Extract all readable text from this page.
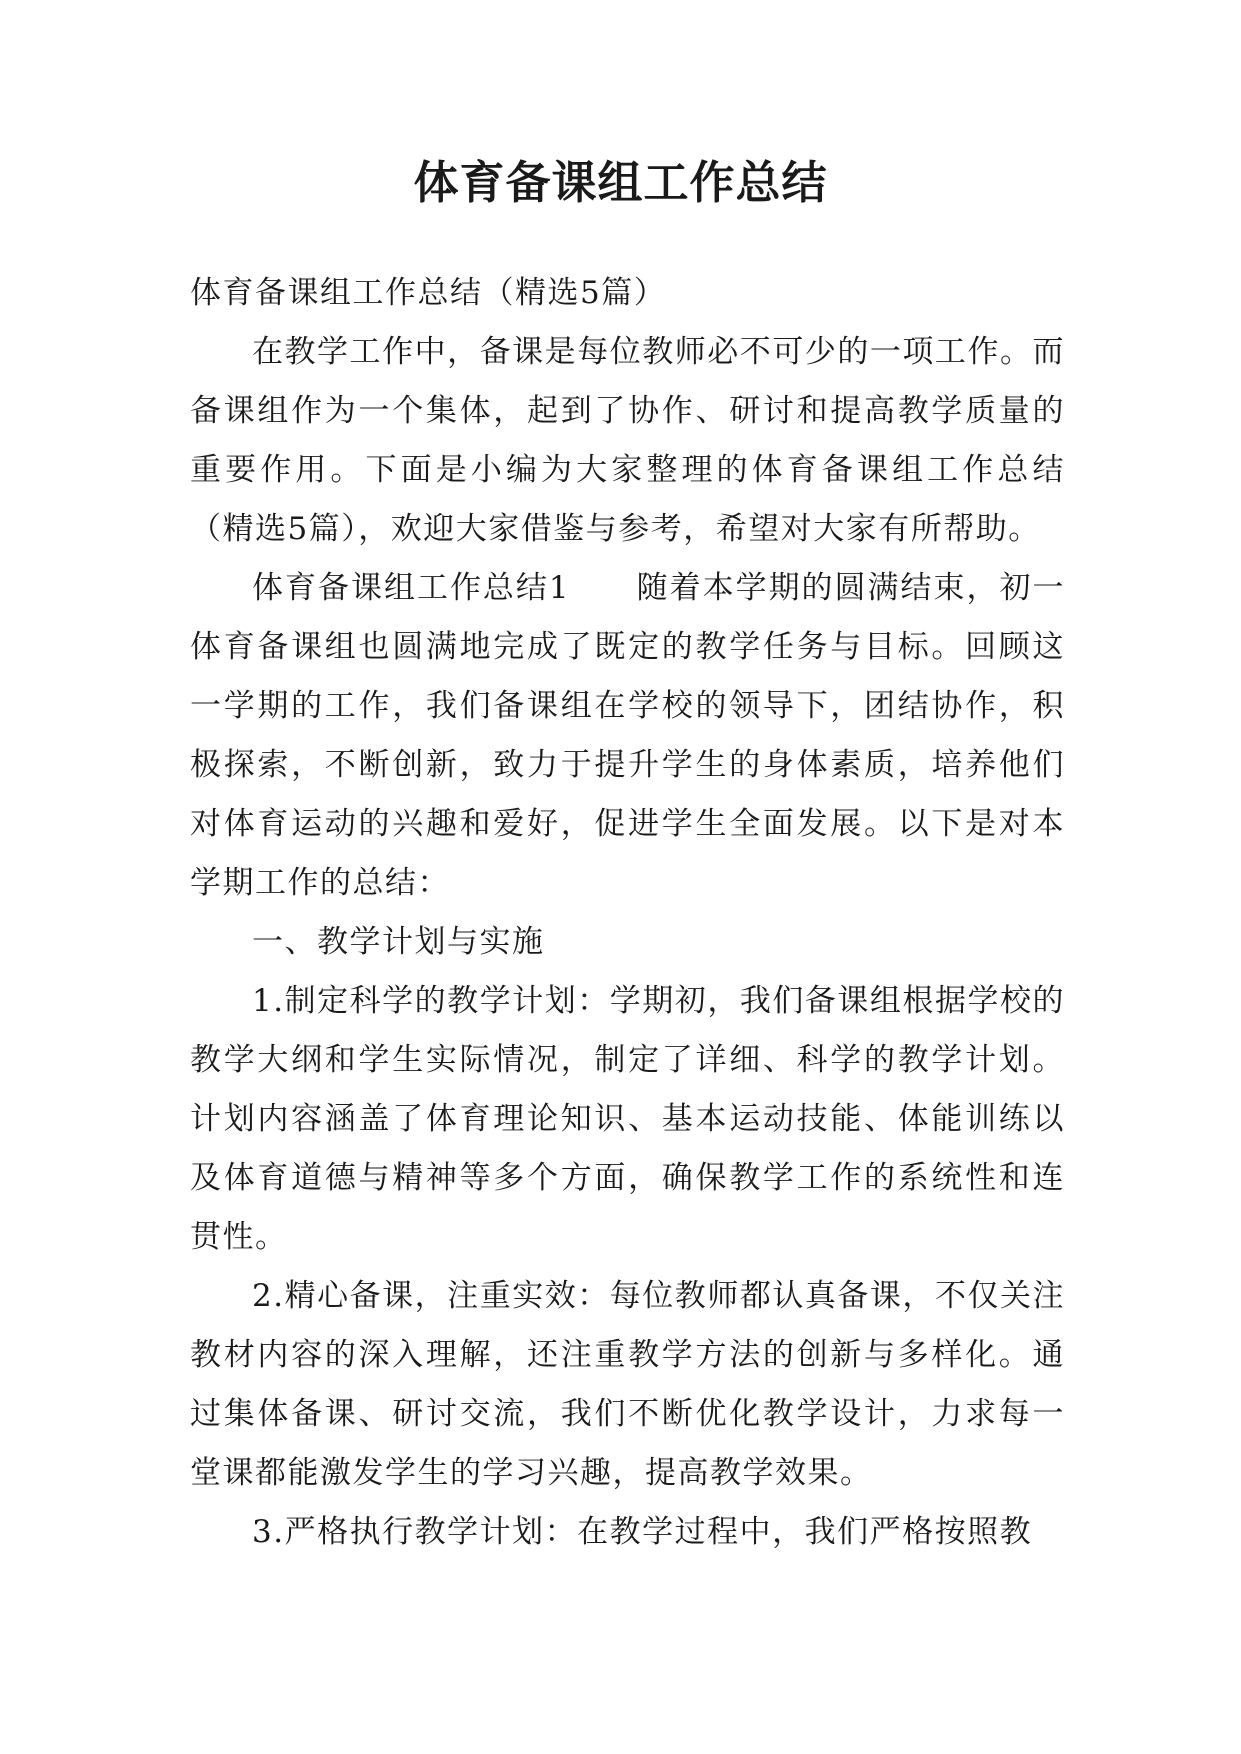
体育备课组工作总结

体育备课组工作总结（精选5篇）

在教学工作中，备课是每位教师必不可少的一项工作。而备课组作为一个集体，起到了协作、研讨和提高教学质量的重要作用。下面是小编为大家整理的体育备课组工作总结（精选5篇），欢迎大家借鉴与参考，希望对大家有所帮助。

体育备课组工作总结1　　随着本学期的圆满结束，初一体育备课组也圆满地完成了既定的教学任务与目标。回顾这一学期的工作，我们备课组在学校的领导下，团结协作，积极探索，不断创新，致力于提升学生的身体素质，培养他们对体育运动的兴趣和爱好，促进学生全面发展。以下是对本学期工作的总结：

一、教学计划与实施

1.制定科学的教学计划：学期初，我们备课组根据学校的教学大纲和学生实际情况，制定了详细、科学的教学计划。计划内容涵盖了体育理论知识、基本运动技能、体能训练以及体育道德与精神等多个方面，确保教学工作的系统性和连贯性。

2.精心备课，注重实效：每位教师都认真备课，不仅关注教材内容的深入理解，还注重教学方法的创新与多样化。通过集体备课、研讨交流，我们不断优化教学设计，力求每一堂课都能激发学生的学习兴趣，提高教学效果。

3.严格执行教学计划：在教学过程中，我们严格按照教
